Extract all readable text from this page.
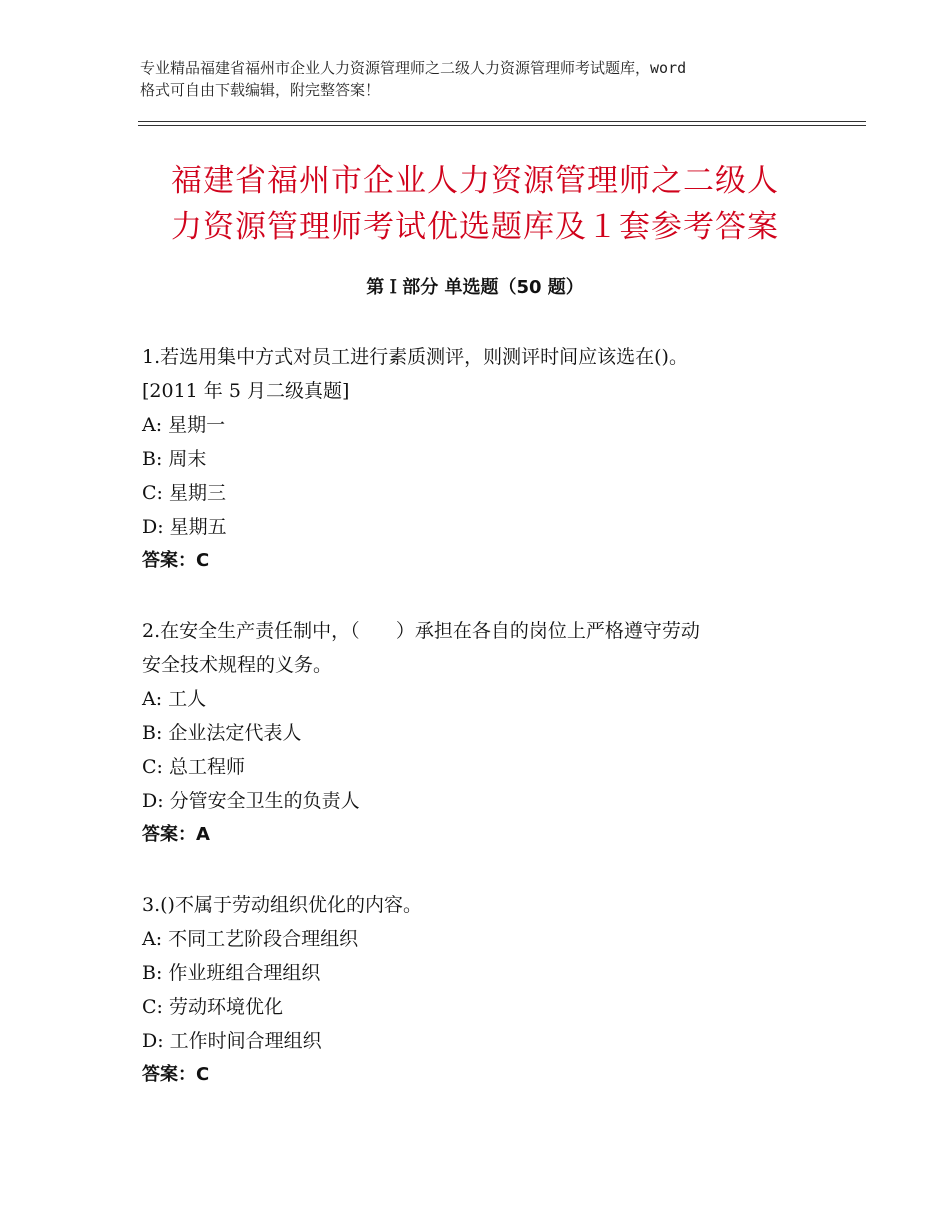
专业精品福建省福州市企业人力资源管理师之二级人力资源管理师考试题库，word
格式可自由下载编辑，附完整答案！
福建省福州市企业人力资源管理师之二级人
力资源管理师考试优选题库及１套参考答案
第Ｉ部分 单选题（50 题）
1.若选用集中方式对员工进行素质测评，则测评时间应该选在()。
[2011 年 5 月二级真题]
A: 星期一
B: 周末
C: 星期三
D: 星期五
答案：C
2.在安全生产责任制中，（      ）承担在各自的岗位上严格遵守劳动
安全技术规程的义务。
A: 工人
B: 企业法定代表人
C: 总工程师
D: 分管安全卫生的负责人
答案：A
3.()不属于劳动组织优化的内容。
A: 不同工艺阶段合理组织
B: 作业班组合理组织
C: 劳动环境优化
D: 工作时间合理组织
答案：C
